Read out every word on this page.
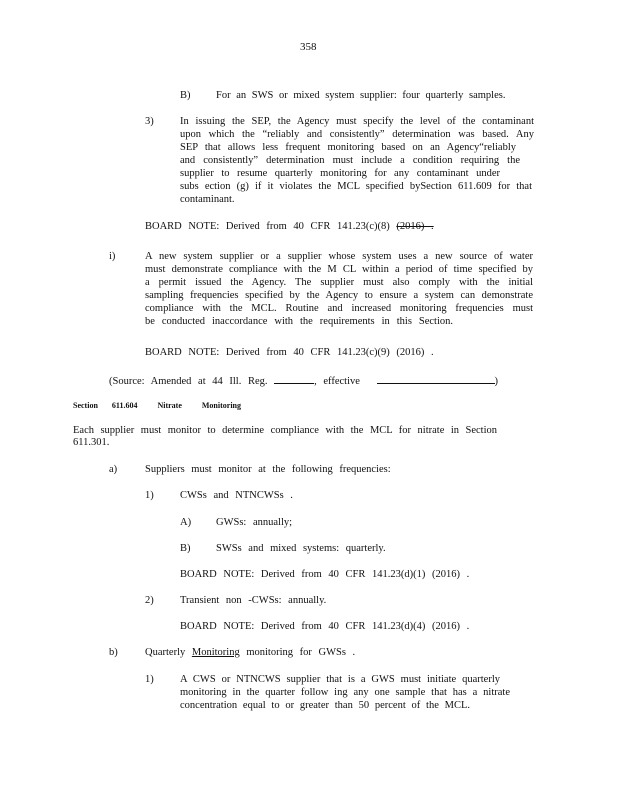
358
B) For an SWS or mixed system supplier: four quarterly samples.
3)	In issuing the SEP, the Agency must specify the level of the contaminant
upon which the “reliably and consistently” determination was based. Any
SEP that allows less frequent monitoring based on an Agency“reliably
and consistently” determination must include a condition requiring the
supplier to resume quarterly monitoring for any contaminant under
subs ection (g) if it violates the MCL specified bySection 611.609 for that
contaminant.
BOARD NOTE: Derived from 40 CFR 141.23(c)(8) (2016) .
i)	A new system supplier or a supplier whose system uses a new source of water
must demonstrate compliance with the M CL within a period of time specified by
a permit issued the Agency. The supplier must also comply with the initial
sampling frequencies specified by the Agency to ensure a system can demonstrate
compliance with the MCL. Routine and increased monitoring frequencies must
be conducted inaccordance with the requirements in this Section.
BOARD NOTE: Derived from 40 CFR 141.23(c)(9) (2016) .
(Source: Amended at 44 Ill. Reg.	, effective	)
Section 611.604	Nitrate Monitoring
Each supplier must monitor to determine compliance with the MCL for nitrate in Section
611.301.
a)	Suppliers must monitor at the following frequencies:
1)	CWSs and NTNCWSs .
A) GWSs: annually;
B) SWSs and mixed systems: quarterly.
BOARD NOTE: Derived from 40 CFR 141.23(d)(1) (2016) .
2)	Transient non -CWSs: annually.
BOARD NOTE: Derived from 40 CFR 141.23(d)(4) (2016) .
b)	Quarterly Monitoring monitoring for GWSs .
1)	A CWS or NTNCWS supplier that is a GWS must initiate quarterly
monitoring in the quarter follow ing any one sample that has a nitrate
concentration equal to or greater than 50 percent of the MCL.
